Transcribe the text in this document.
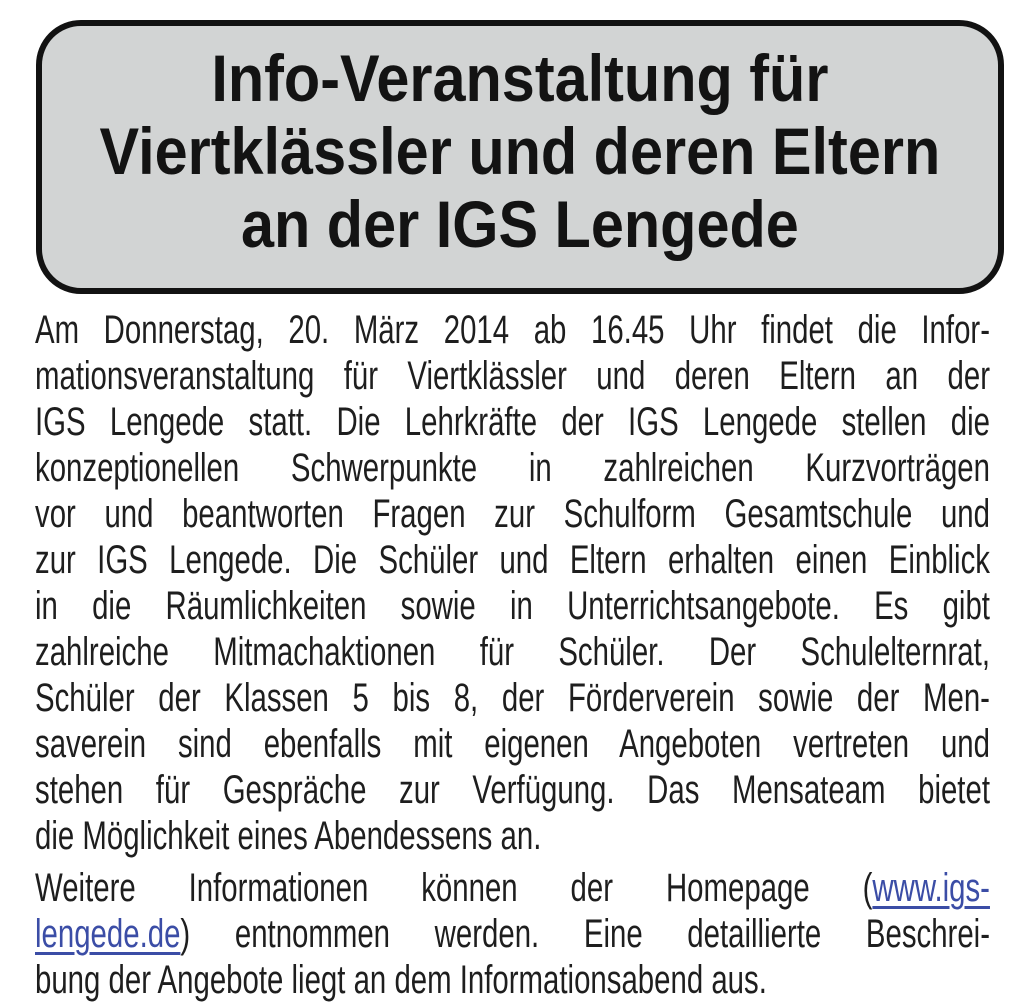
Info-Veranstaltung für
Viertklässler und deren Eltern
an der IGS Lengede
Am Donnerstag, 20. März 2014 ab 16.45 Uhr findet die Infor-
mationsveranstaltung für Viertklässler und deren Eltern an der
IGS Lengede statt. Die Lehrkräfte der IGS Lengede stellen die
konzeptionellen Schwerpunkte in zahlreichen Kurzvorträgen
vor und beantworten Fragen zur Schulform Gesamtschule und
zur IGS Lengede. Die Schüler und Eltern erhalten einen Einblick
in die Räumlichkeiten sowie in Unterrichtsangebote. Es gibt
zahlreiche Mitmachaktionen für Schüler. Der Schulelternrat,
Schüler der Klassen 5 bis 8, der Förderverein sowie der Men-
saverein sind ebenfalls mit eigenen Angeboten vertreten und
stehen für Gespräche zur Verfügung. Das Mensateam bietet
die Möglichkeit eines Abendessens an.
Weitere Informationen können der Homepage (www.igs-
lengede.de) entnommen werden. Eine detaillierte Beschrei-
bung der Angebote liegt an dem Informationsabend aus.
